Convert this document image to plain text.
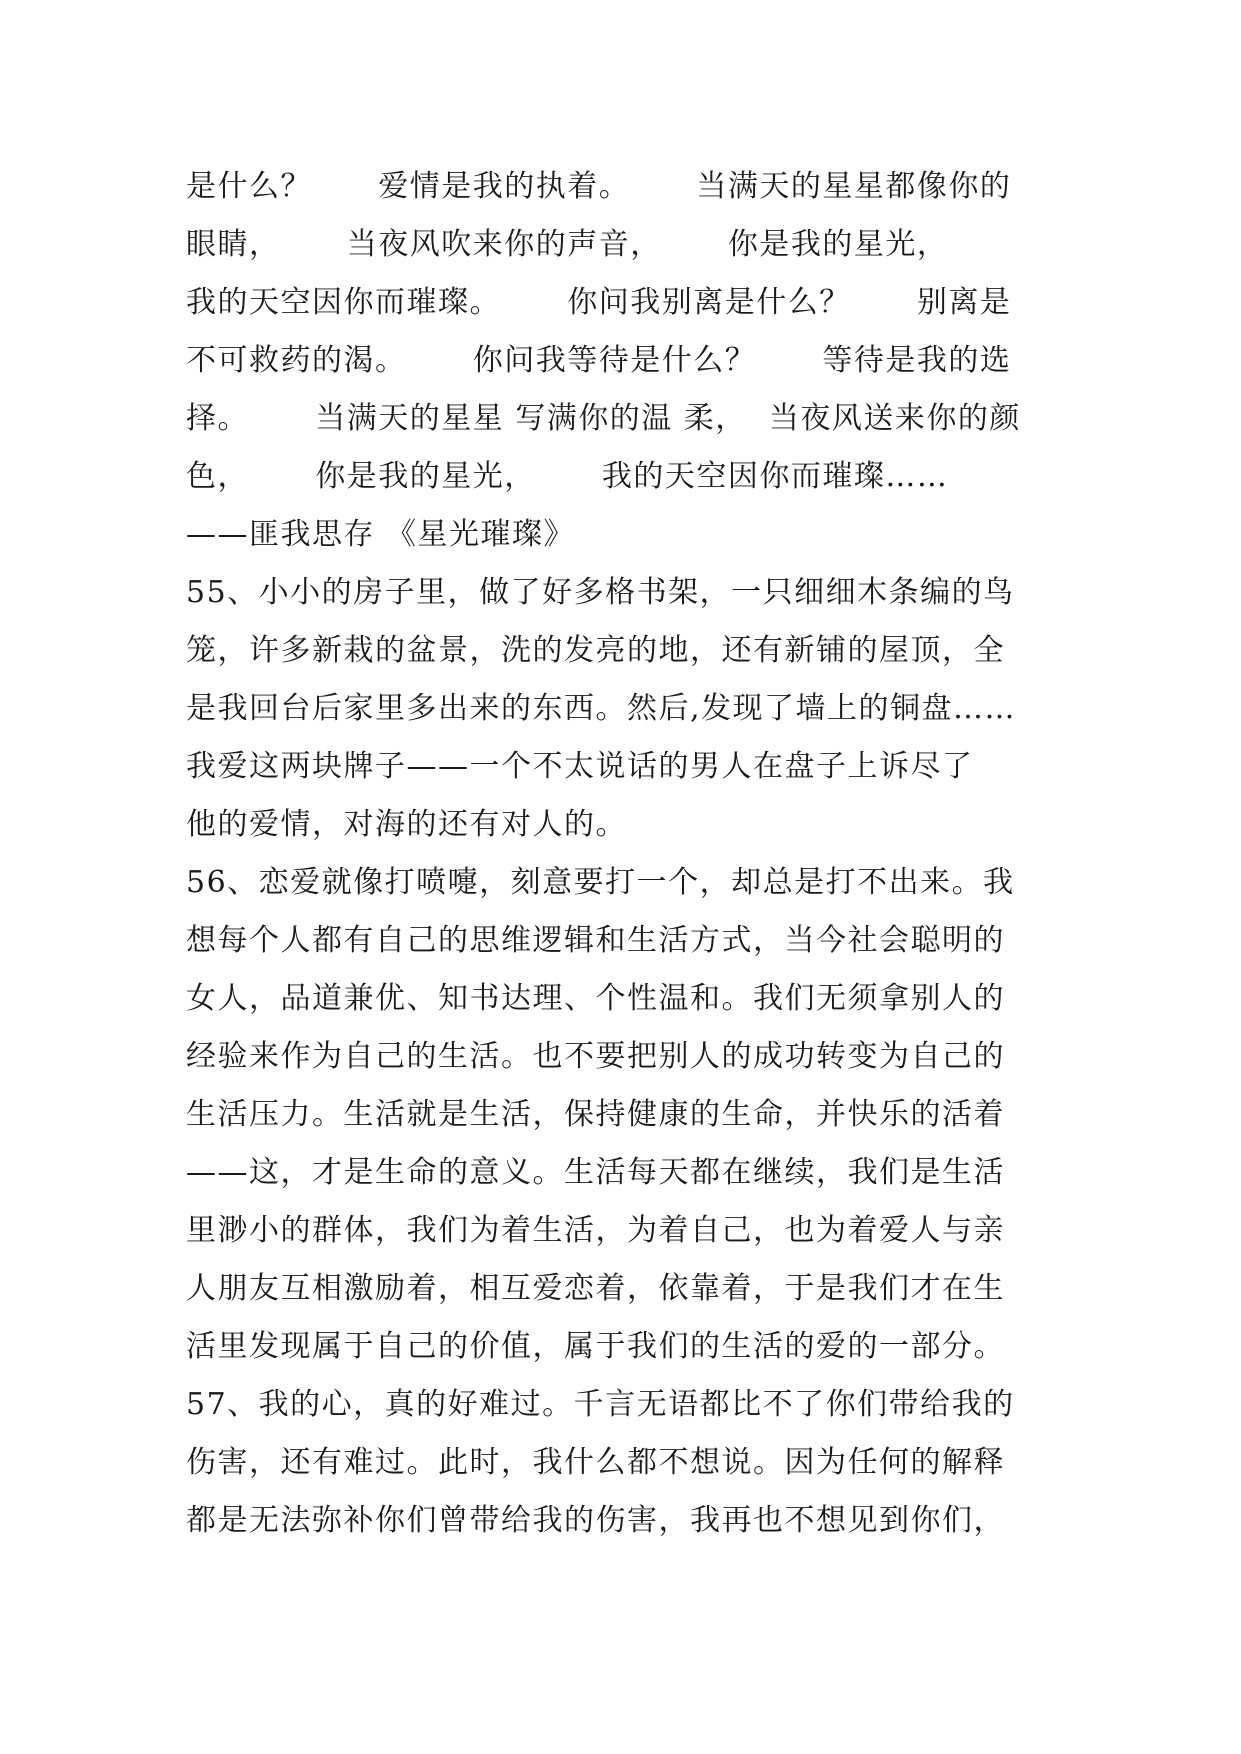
是什么？      爱情是我的执着。      当满天的星星都像你的
眼睛，      当夜风吹来你的声音，      你是我的星光，
我的天空因你而璀璨。      你问我别离是什么？      别离是
不可救药的渴。      你问我等待是什么？      等待是我的选
择。      当满天的星星 写满你的温 柔，  当夜风送来你的颜
色，      你是我的星光，      我的天空因你而璀璨……
——匪我思存 《星光璀璨》
55、小小的房子里，做了好多格书架，一只细细木条编的鸟
笼，许多新栽的盆景，洗的发亮的地，还有新铺的屋顶，全
是我回台后家里多出来的东西。然后,发现了墙上的铜盘……
我爱这两块牌子——一个不太说话的男人在盘子上诉尽了
他的爱情，对海的还有对人的。
56、恋爱就像打喷嚏，刻意要打一个，却总是打不出来。我
想每个人都有自己的思维逻辑和生活方式，当今社会聪明的
女人，品道兼优、知书达理、个性温和。我们无须拿别人的
经验来作为自己的生活。也不要把别人的成功转变为自己的
生活压力。生活就是生活，保持健康的生命，并快乐的活着
——这，才是生命的意义。生活每天都在继续，我们是生活
里渺小的群体，我们为着生活，为着自己，也为着爱人与亲
人朋友互相激励着，相互爱恋着，依靠着，于是我们才在生
活里发现属于自己的价值，属于我们的生活的爱的一部分。
57、我的心，真的好难过。千言无语都比不了你们带给我的
伤害，还有难过。此时，我什么都不想说。因为任何的解释
都是无法弥补你们曾带给我的伤害，我再也不想见到你们，
